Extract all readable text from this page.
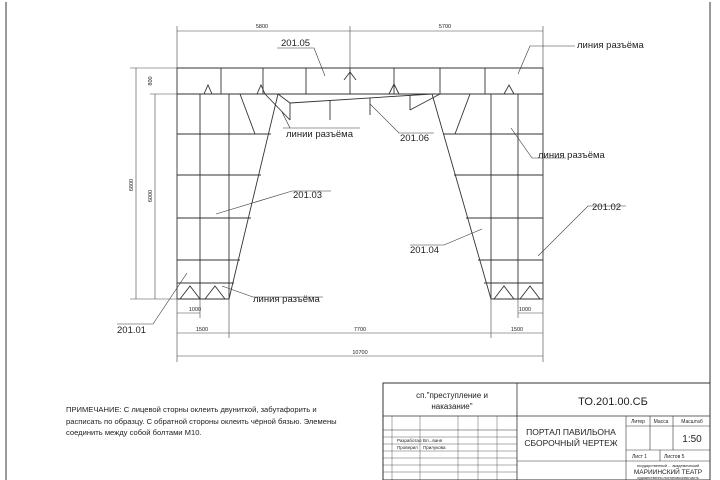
5800	5700
6800
6000
800
1000	1000
1500	7700	1500
10700
201.05	линия разъёма
линии разъёма	201.06
линия разъёма
201.03
201.02
201.04
линия разъёма
201.01
сп."преступление и
наказание"	ТО.201.00.СБ
ПОРТАЛ ПАВИЛЬОНА
СБОРОЧНЫЙ ЧЕРТЕЖ
Литер Масса	Масштаб
1:50
Разработал Вл...ваня
Проверил Прилукова
Лист 1	Листов 5
государственный ... академический
МАРИИНСКИЙ ТЕАТР
художественно-постановочная часть
ПРИМЕЧАНИЕ: С лицевой сторны оклеить двуниткой, забутафорить и
расписать по образцу. С обратной стороны оклеить чёрной бязью. Элемены
соединить между собой болтами М10.
